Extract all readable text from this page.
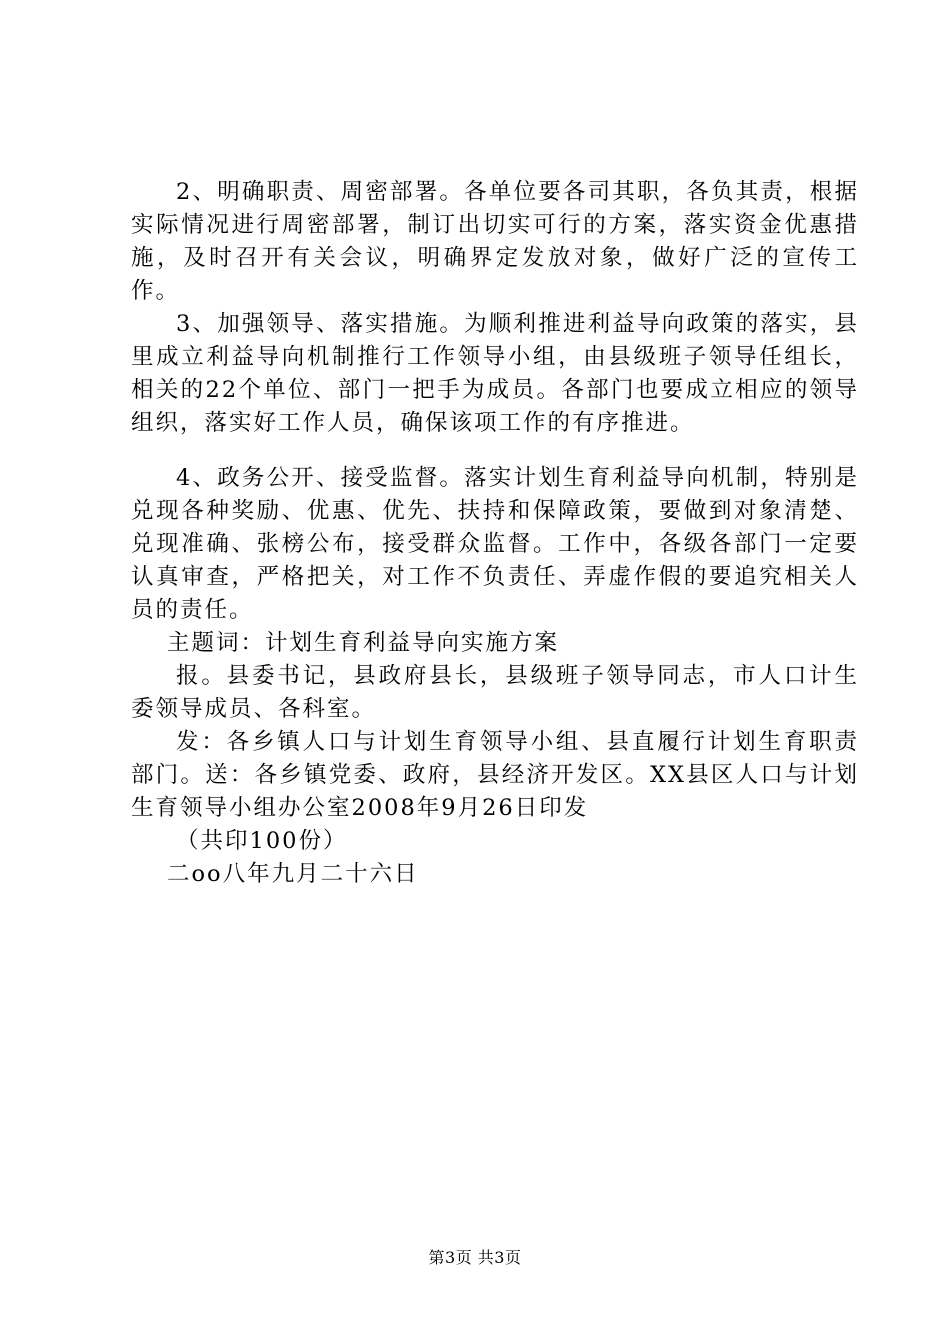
2、明确职责、周密部署。各单位要各司其职，各负其责，根据实际情况进行周密部署，制订出切实可行的方案，落实资金优惠措施，及时召开有关会议，明确界定发放对象，做好广泛的宣传工作。

3、加强领导、落实措施。为顺利推进利益导向政策的落实，县里成立利益导向机制推行工作领导小组，由县级班子领导任组长，相关的22个单位、部门一把手为成员。各部门也要成立相应的领导组织，落实好工作人员，确保该项工作的有序推进。

4、政务公开、接受监督。落实计划生育利益导向机制，特别是兑现各种奖励、优惠、优先、扶持和保障政策，要做到对象清楚、兑现准确、张榜公布，接受群众监督。工作中，各级各部门一定要认真审查，严格把关，对工作不负责任、弄虚作假的要追究相关人员的责任。

主题词：计划生育利益导向实施方案

报。县委书记，县政府县长，县级班子领导同志，市人口计生委领导成员、各科室。

发：各乡镇人口与计划生育领导小组、县直履行计划生育职责部门。送：各乡镇党委、政府，县经济开发区。XX县区人口与计划生育领导小组办公室2008年9月26日印发

（共印100份）

二oo八年九月二十六日

第3页 共3页
